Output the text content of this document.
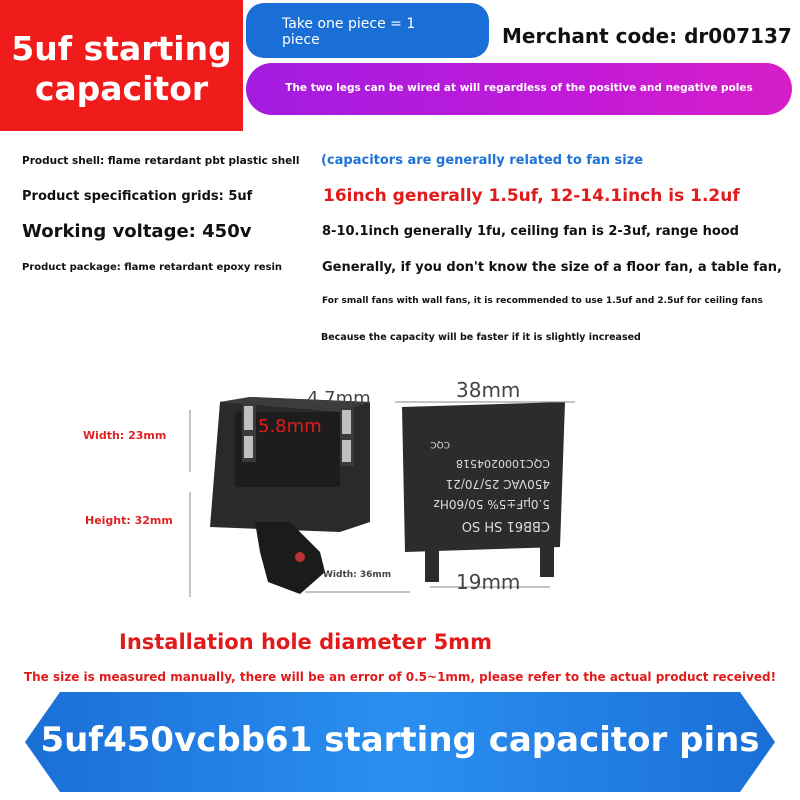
5uf starting
capacitor
Take one piece = 1
piece	Merchant code: dr007137
The two legs can be wired at will regardless of the positive and negative poles
Product shell: flame retardant pbt plastic shell
Product specification grids: 5uf
Working voltage: 450v
Product package: flame retardant epoxy resin
(capacitors are generally related to fan size
16inch generally 1.5uf, 12-14.1inch is 1.2uf
8-10.1inch generally 1fu, ceiling fan is 2-3uf, range hood
Generally, if you don't know the size of a floor fan, a table fan,
For small fans with wall fans, it is recommended to use 1.5uf and 2.5uf for ceiling fans
Because the capacity will be faster if it is slightly increased
CBB61 SH SO
5.0μF±5% 50/60Hz
450VAC 25/70/21
CQC1000204518
CQC
Width: 23mm
Height: 32mm
Width: 36mm
4.7mm
5.8mm
38mm
19mm
Installation hole diameter 5mm
The size is measured manually, there will be an error of 0.5~1mm, please refer to the actual product received!
5uf450vcbb61 starting capacitor pins
